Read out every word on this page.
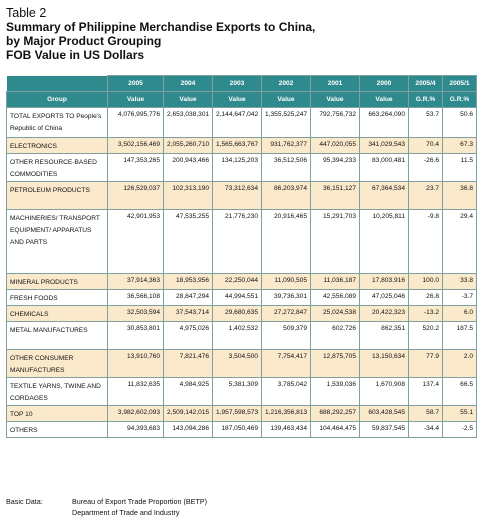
Table 2
Summary of Philippine Merchandise Exports to China,
by Major Product Grouping
FOB Value in US Dollars
	2005	2004	2003	2002	2001	2000	2005/4	2005/1
Group	Value	Value	Value	Value	Value	Value	G.R.%	G.R.%
TOTAL EXPORTS TO People's Republic of China	4,076,995,776	2,653,038,301	2,144,647,042	1,355,525,247	792,756,732	663,264,090	53.7	50.6
ELECTRONICS	3,502,156,469	2,055,260,710	1,565,663,767	931,762,377	447,020,055	341,029,543	70.4	67.3
OTHER RESOURCE-BASED COMMODITIES	147,353,265	200,943,466	134,125,203	36,512,506	95,394,233	83,000,481	-26.6	11.5
PETROLEUM PRODUCTS	126,529,037	102,313,190	73,312,634	86,203,974	36,151,127	67,364,534	23.7	36.8
MACHINERIES/ TRANSPORT EQUIPMENT/ APPARATUS AND PARTS	42,901,953	47,535,255	21,776,230	20,916,465	15,291,703	10,205,811	-9.8	29.4
MINERAL PRODUCTS	37,914,363	18,953,956	22,250,044	11,090,505	11,036,187	17,803,916	100.0	33.8
FRESH FOODS	36,566,108	28,847,294	44,994,551	39,736,301	42,556,089	47,025,046	26.8	-3.7
CHEMICALS	32,503,594	37,543,714	29,680,635	27,272,847	25,024,538	20,422,323	-13.2	6.0
METAL MANUFACTURES	30,853,801	4,975,026	1,402,532	509,379	602,726	862,351	520.2	187.5
OTHER CONSUMER MANUFACTURES	13,910,760	7,821,476	3,504,500	7,754,417	12,875,705	13,150,634	77.9	2.0
TEXTILE YARNS, TWINE AND CORDAGES	11,832,635	4,984,925	5,381,309	3,785,042	1,539,036	1,670,908	137.4	66.5
TOP 10	3,982,602,093	2,509,142,015	1,957,598,573	1,216,356,813	688,292,257	603,428,545	58.7	55.1
OTHERS	94,393,683	143,094,286	187,050,469	139,463,434	104,464,475	59,837,545	-34.4	-2.5
Basic Data:	Bureau of Export Trade Proportion (BETP)
Department of Trade and Industry
